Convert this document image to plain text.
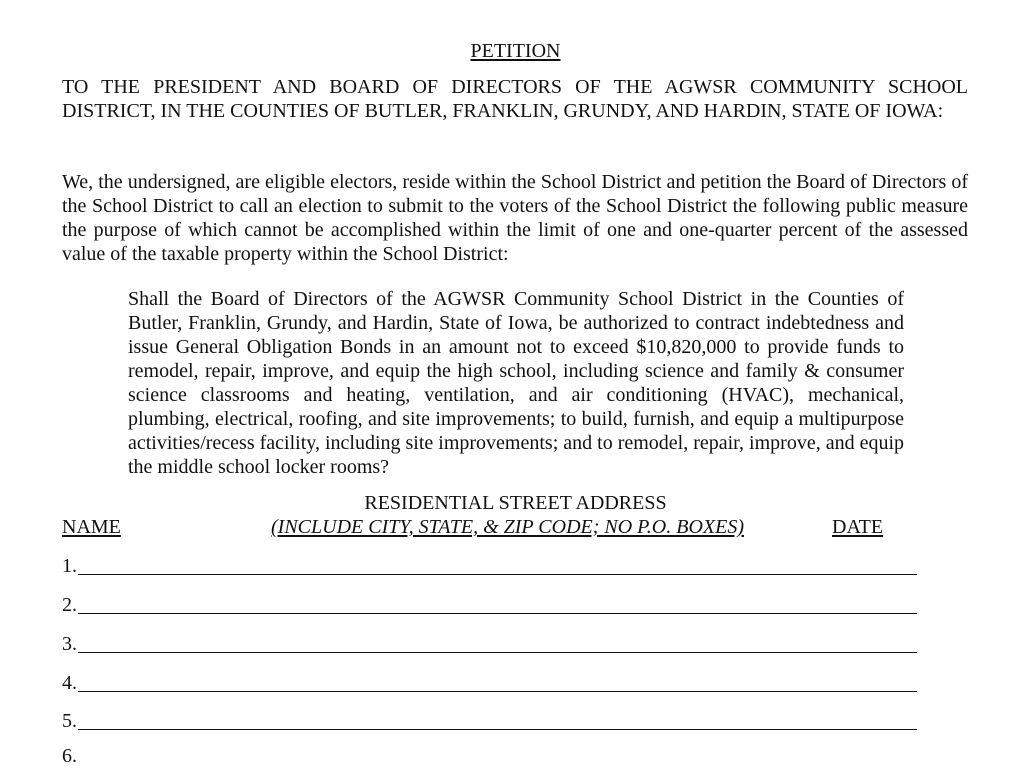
PETITION
TO THE PRESIDENT AND BOARD OF DIRECTORS OF THE AGWSR COMMUNITY SCHOOL DISTRICT, IN THE COUNTIES OF BUTLER, FRANKLIN, GRUNDY, AND HARDIN, STATE OF IOWA:
We, the undersigned, are eligible electors, reside within the School District and petition the Board of Directors of the School District to call an election to submit to the voters of the School District the following public measure the purpose of which cannot be accomplished within the limit of one and one-quarter percent of the assessed value of the taxable property within the School District:
Shall the Board of Directors of the AGWSR Community School District in the Counties of Butler, Franklin, Grundy, and Hardin, State of Iowa, be authorized to contract indebtedness and issue General Obligation Bonds in an amount not to exceed $10,820,000 to provide funds to remodel, repair, improve, and equip the high school, including science and family & consumer science classrooms and heating, ventilation, and air conditioning (HVAC), mechanical, plumbing, electrical, roofing, and site improvements; to build, furnish, and equip a multipurpose activities/recess facility, including site improvements; and to remodel, repair, improve, and equip the middle school locker rooms?
RESIDENTIAL STREET ADDRESS
NAME	(INCLUDE CITY, STATE, & ZIP CODE; NO P.O. BOXES)	DATE
1.
2.
3.
4.
5.
6.
